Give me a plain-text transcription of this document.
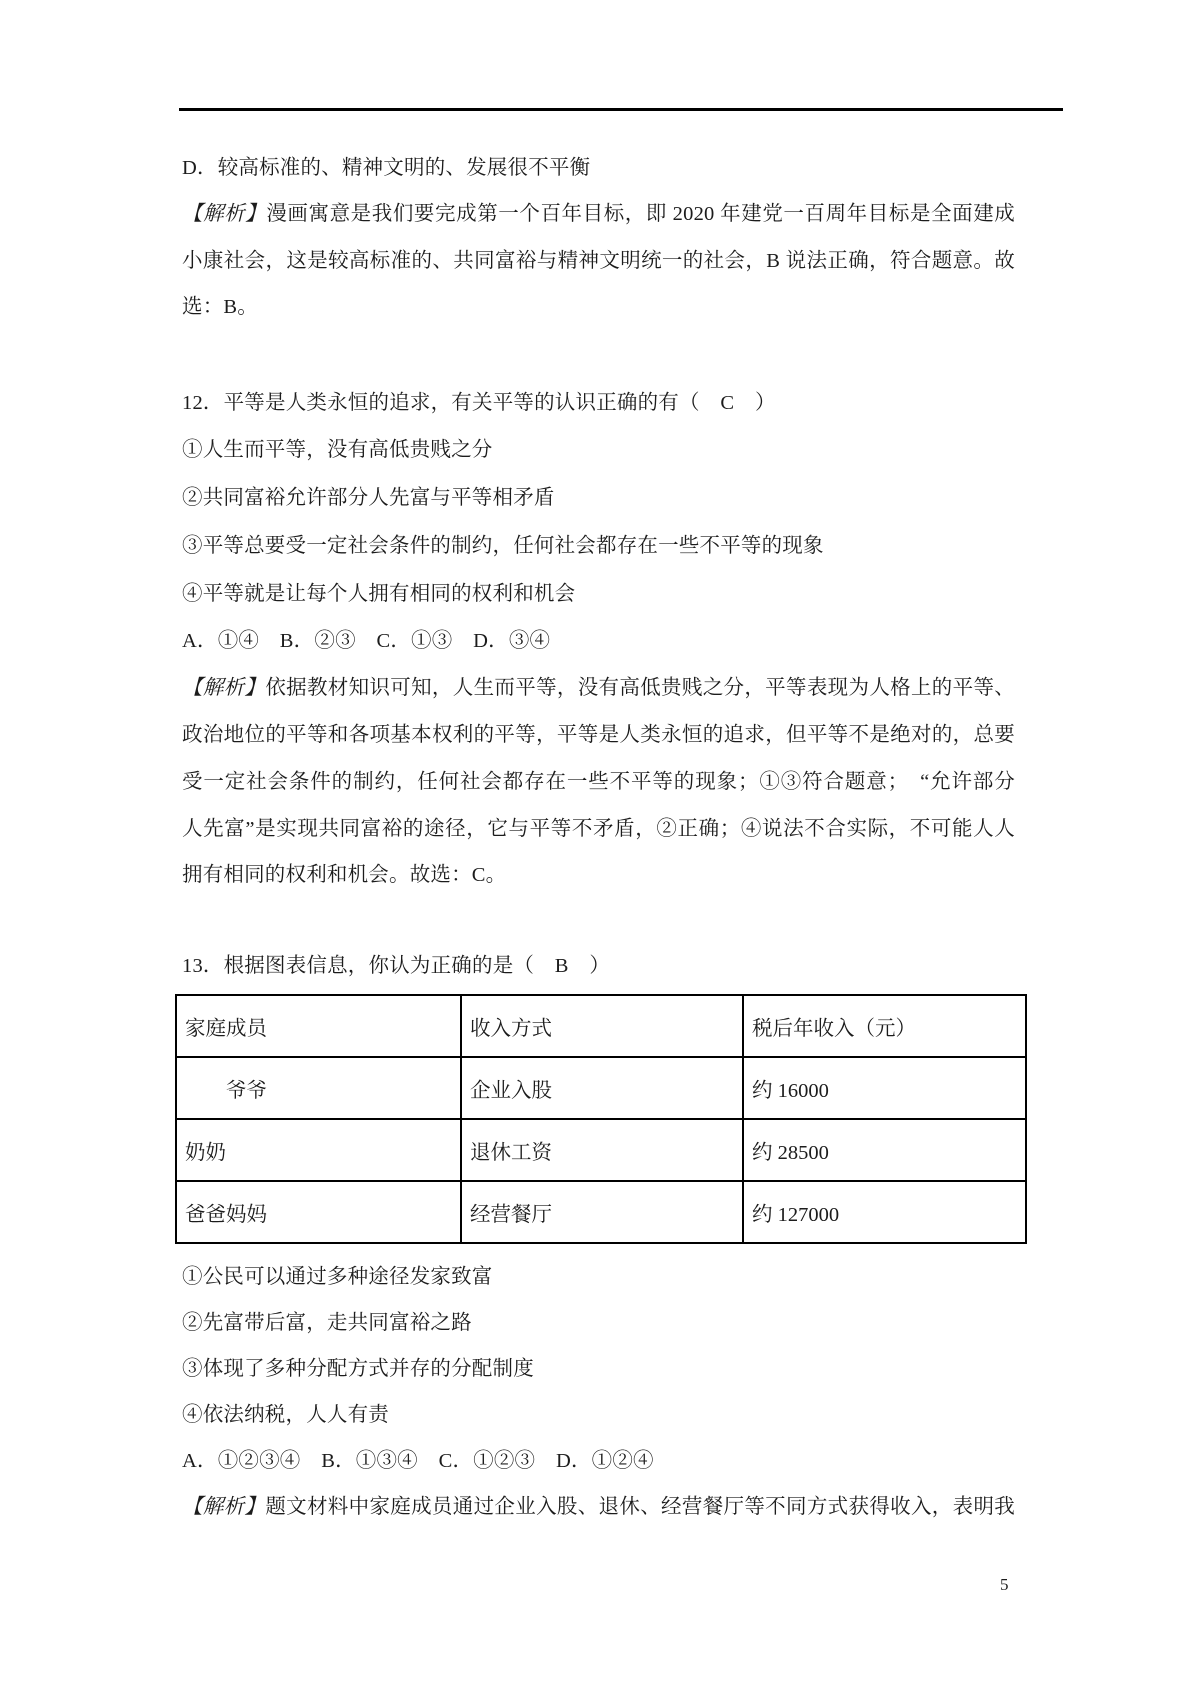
D．较高标准的、精神文明的、发展很不平衡
【解析】漫画寓意是我们要完成第一个百年目标，即 2020 年建党一百周年目标是全面建成
小康社会，这是较高标准的、共同富裕与精神文明统一的社会，B 说法正确，符合题意。故
选：B。
12．平等是人类永恒的追求，有关平等的认识正确的有（　C　）
①人生而平等，没有高低贵贱之分
②共同富裕允许部分人先富与平等相矛盾
③平等总要受一定社会条件的制约，任何社会都存在一些不平等的现象
④平等就是让每个人拥有相同的权利和机会
A．①④　B．②③　C．①③　D．③④
【解析】依据教材知识可知，人生而平等，没有高低贵贱之分，平等表现为人格上的平等、
政治地位的平等和各项基本权利的平等，平等是人类永恒的追求，但平等不是绝对的，总要
受一定社会条件的制约，任何社会都存在一些不平等的现象；①③符合题意；　“允许部分
人先富”是实现共同富裕的途径，它与平等不矛盾，②正确；④说法不合实际，不可能人人
拥有相同的权利和机会。故选：C。
13．根据图表信息，你认为正确的是（　B　）
家庭成员	收入方式	税后年收入（元）
　　爷爷	企业入股	约 16000
奶奶	退休工资	约 28500
爸爸妈妈	经营餐厅	约 127000
①公民可以通过多种途径发家致富
②先富带后富，走共同富裕之路
③体现了多种分配方式并存的分配制度
④依法纳税，人人有责
A．①②③④　B．①③④　C．①②③　D．①②④
【解析】题文材料中家庭成员通过企业入股、退休、经营餐厅等不同方式获得收入，表明我
5
